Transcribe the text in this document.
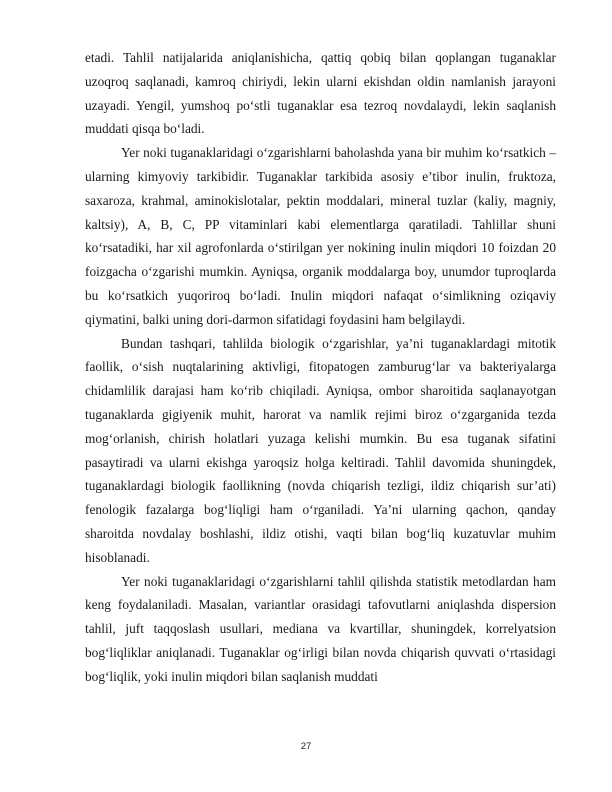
etadi. Tahlil natijalarida aniqlanishicha, qattiq qobiq bilan qoplangan tuganaklar uzoqroq saqlanadi, kamroq chiriydi, lekin ularni ekishdan oldin namlanish jarayoni uzayadi. Yengil, yumshoq po‘stli tuganaklar esa tezroq novdalaydi, lekin saqlanish muddati qisqa bo‘ladi.

Yer noki tuganaklaridagi o‘zgarishlarni baholashda yana bir muhim ko‘rsatkich – ularning kimyoviy tarkibidir. Tuganaklar tarkibida asosiy e’tibor inulin, fruktoza, saxaroza, krahmal, aminokislotalar, pektin moddalari, mineral tuzlar (kaliy, magniy, kaltsiy), A, B, C, PP vitaminlari kabi elementlarga qaratiladi. Tahlillar shuni ko‘rsatadiki, har xil agrofonlarda o‘stirilgan yer nokining inulin miqdori 10 foizdan 20 foizgacha o‘zgarishi mumkin. Ayniqsa, organik moddalarga boy, unumdor tuproqlarda bu ko‘rsatkich yuqoriroq bo‘ladi. Inulin miqdori nafaqat o‘simlikning oziqaviy qiymatini, balki uning dori-darmon sifatidagi foydasini ham belgilaydi.

Bundan tashqari, tahlilda biologik o‘zgarishlar, ya’ni tuganaklardagi mitotik faollik, o‘sish nuqtalarining aktivligi, fitopatogen zamburug‘lar va bakteriyalarga chidamlilik darajasi ham ko‘rib chiqiladi. Ayniqsa, ombor sharoitida saqlanayotgan tuganaklarda gigiyenik muhit, harorat va namlik rejimi biroz o‘zgarganida tezda mog‘orlanish, chirish holatlari yuzaga kelishi mumkin. Bu esa tuganak sifatini pasaytiradi va ularni ekishga yaroqsiz holga keltiradi. Tahlil davomida shuningdek, tuganaklardagi biologik faollikning (novda chiqarish tezligi, ildiz chiqarish sur’ati) fenologik fazalarga bog‘liqligi ham o‘rganiladi. Ya’ni ularning qachon, qanday sharoitda novdalay boshlashi, ildiz otishi, vaqti bilan bog‘liq kuzatuvlar muhim hisoblanadi.

Yer noki tuganaklaridagi o‘zgarishlarni tahlil qilishda statistik metodlardan ham keng foydalaniladi. Masalan, variantlar orasidagi tafovutlarni aniqlashda dispersion tahlil, juft taqqoslash usullari, mediana va kvartillar, shuningdek, korrelyatsion bog‘liqliklar aniqlanadi. Tuganaklar og‘irligi bilan novda chiqarish quvvati o‘rtasidagi bog‘liqlik, yoki inulin miqdori bilan saqlanish muddati

27
